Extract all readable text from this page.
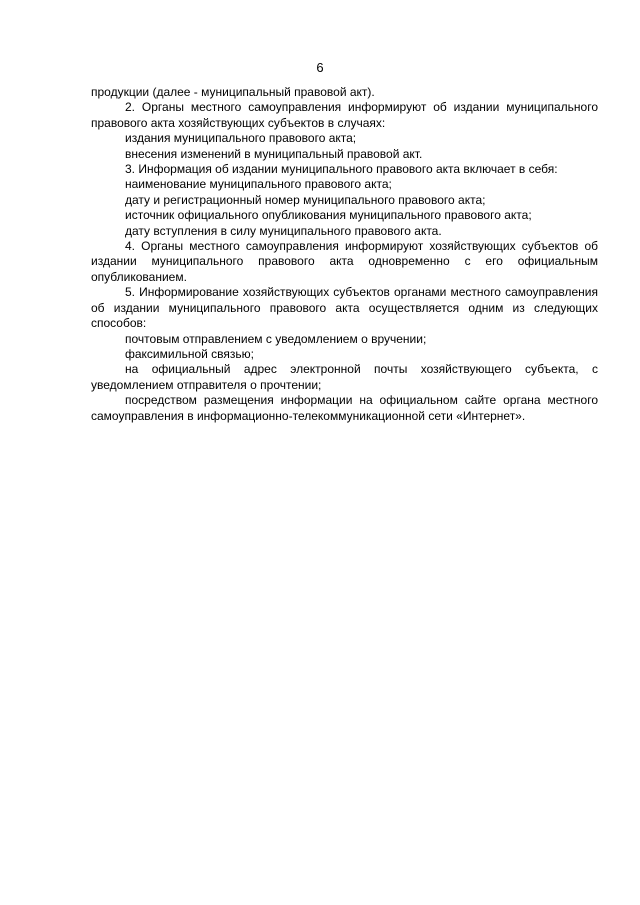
6

продукции (далее - муниципальный правовой акт).

2. Органы местного самоуправления информируют об издании муниципального правового акта хозяйствующих субъектов в случаях:

издания муниципального правового акта;

внесения изменений в муниципальный правовой акт.

3. Информация об издании муниципального правового акта включает в себя:

наименование муниципального правового акта;

дату и регистрационный номер муниципального правового акта;

источник официального опубликования муниципального правового акта;

дату вступления в силу муниципального правового акта.

4. Органы местного самоуправления информируют хозяйствующих субъектов об издании муниципального правового акта одновременно с его официальным опубликованием.

5. Информирование хозяйствующих субъектов органами местного самоуправления об издании муниципального правового акта осуществляется одним из следующих способов:

почтовым отправлением с уведомлением о вручении;

факсимильной связью;

на официальный адрес электронной почты хозяйствующего субъекта, с уведомлением отправителя о прочтении;

посредством размещения информации на официальном сайте органа местного самоуправления в информационно-телекоммуникационной сети «Интернет».
